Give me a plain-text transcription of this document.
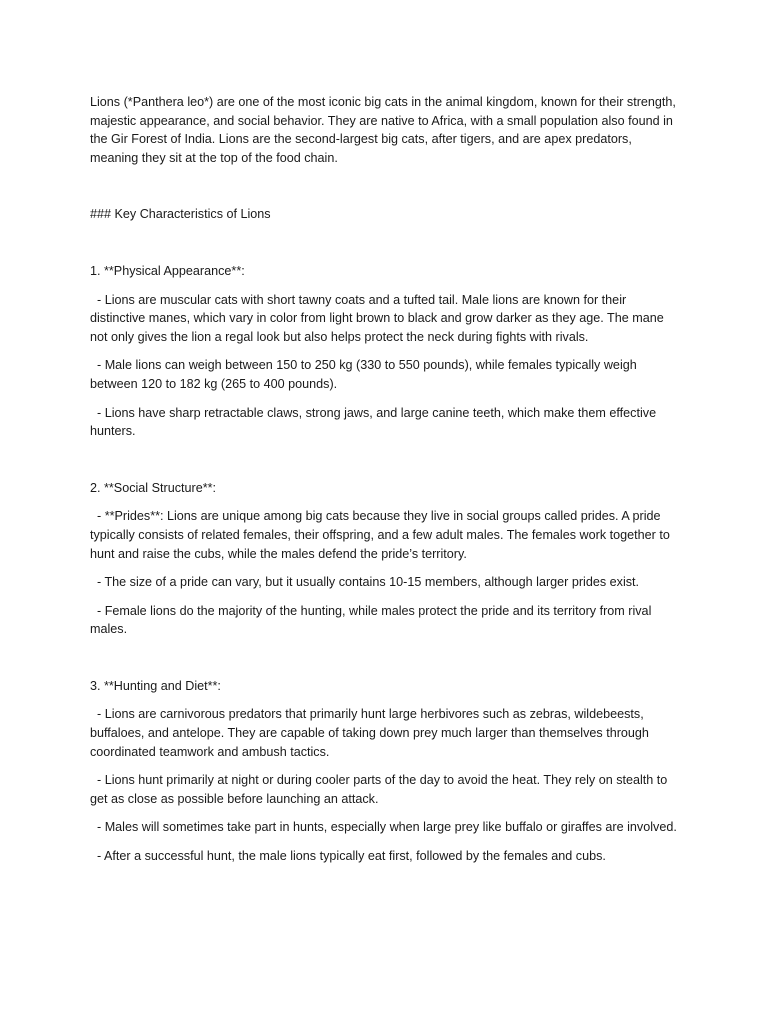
Lions (*Panthera leo*) are one of the most iconic big cats in the animal kingdom, known for their strength, majestic appearance, and social behavior. They are native to Africa, with a small population also found in the Gir Forest of India. Lions are the second-largest big cats, after tigers, and are apex predators, meaning they sit at the top of the food chain.

### Key Characteristics of Lions

1. **Physical Appearance**:

- Lions are muscular cats with short tawny coats and a tufted tail. Male lions are known for their distinctive manes, which vary in color from light brown to black and grow darker as they age. The mane not only gives the lion a regal look but also helps protect the neck during fights with rivals.

- Male lions can weigh between 150 to 250 kg (330 to 550 pounds), while females typically weigh between 120 to 182 kg (265 to 400 pounds).

- Lions have sharp retractable claws, strong jaws, and large canine teeth, which make them effective hunters.

2. **Social Structure**:

- **Prides**: Lions are unique among big cats because they live in social groups called prides. A pride typically consists of related females, their offspring, and a few adult males. The females work together to hunt and raise the cubs, while the males defend the pride’s territory.

- The size of a pride can vary, but it usually contains 10-15 members, although larger prides exist.

- Female lions do the majority of the hunting, while males protect the pride and its territory from rival males.

3. **Hunting and Diet**:

- Lions are carnivorous predators that primarily hunt large herbivores such as zebras, wildebeests, buffaloes, and antelope. They are capable of taking down prey much larger than themselves through coordinated teamwork and ambush tactics.

- Lions hunt primarily at night or during cooler parts of the day to avoid the heat. They rely on stealth to get as close as possible before launching an attack.

- Males will sometimes take part in hunts, especially when large prey like buffalo or giraffes are involved.

- After a successful hunt, the male lions typically eat first, followed by the females and cubs.
